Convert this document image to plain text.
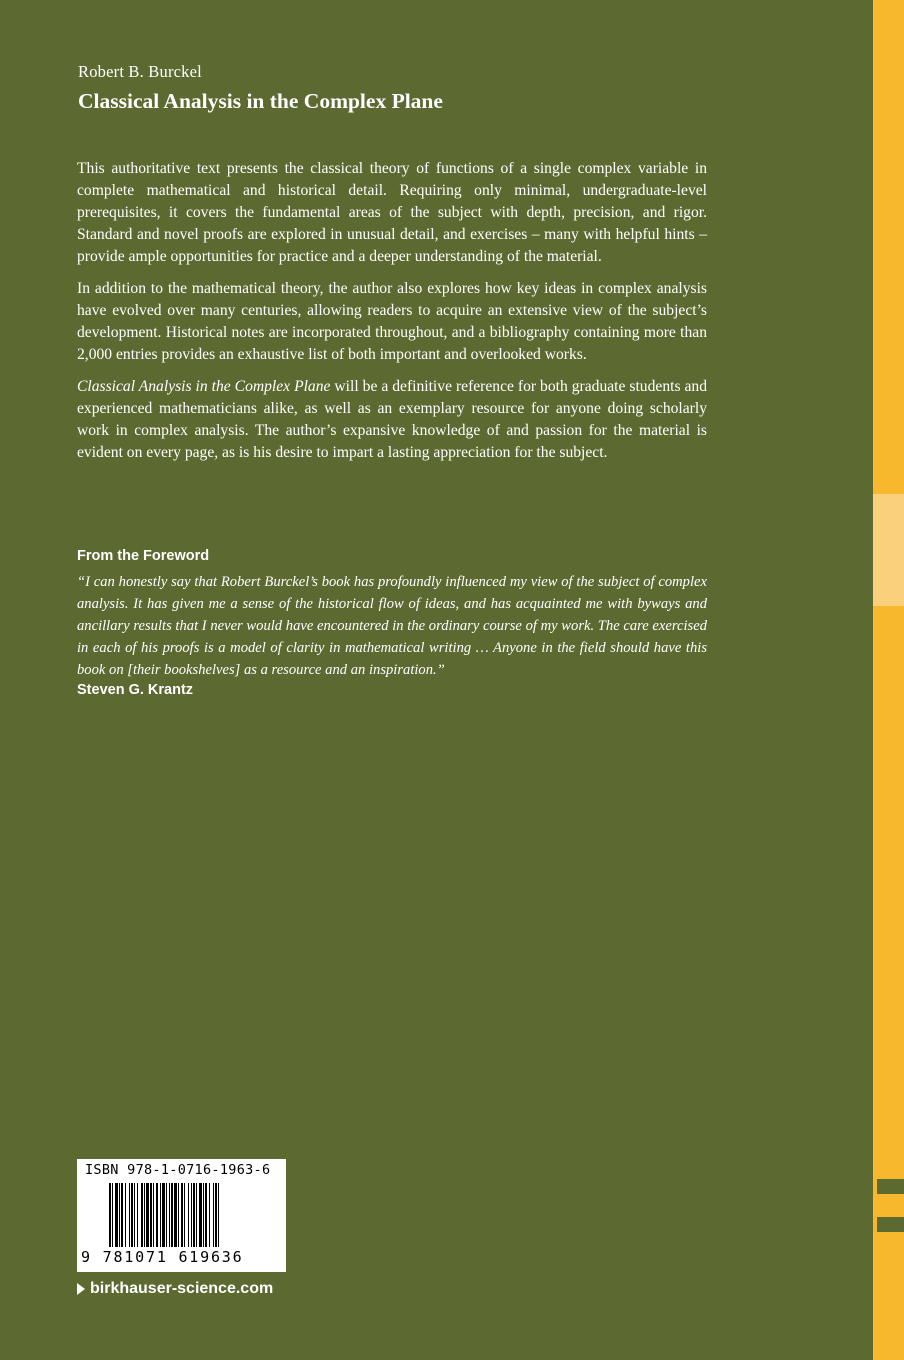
Robert B. Burckel
Classical Analysis in the Complex Plane

This authoritative text presents the classical theory of functions of a single complex variable in complete mathematical and historical detail. Requiring only minimal, undergraduate-level prerequisites, it covers the fundamental areas of the subject with depth, precision, and rigor. Standard and novel proofs are explored in unusual detail, and exercises – many with helpful hints – provide ample opportunities for practice and a deeper understanding of the material.

In addition to the mathematical theory, the author also explores how key ideas in complex analysis have evolved over many centuries, allowing readers to acquire an extensive view of the subject’s development. Historical notes are incorporated throughout, and a bibliography containing more than 2,000 entries provides an exhaustive list of both important and overlooked works.

Classical Analysis in the Complex Plane will be a definitive reference for both graduate students and experienced mathematicians alike, as well as an exemplary resource for anyone doing scholarly work in complex analysis. The author’s expansive knowledge of and passion for the material is evident on every page, as is his desire to impart a lasting appreciation for the subject.

From the Foreword
“I can honestly say that Robert Burckel’s book has profoundly influenced my view of the subject of complex analysis. It has given me a sense of the historical flow of ideas, and has acquainted me with byways and ancillary results that I never would have encountered in the ordinary course of my work. The care exercised in each of his proofs is a model of clarity in mathematical writing … Anyone in the field should have this book on [their bookshelves] as a resource and an inspiration.”
Steven G. Krantz
ISBN 978-1-0716-1963-6
9 781071 619636
birkhauser-science.com
